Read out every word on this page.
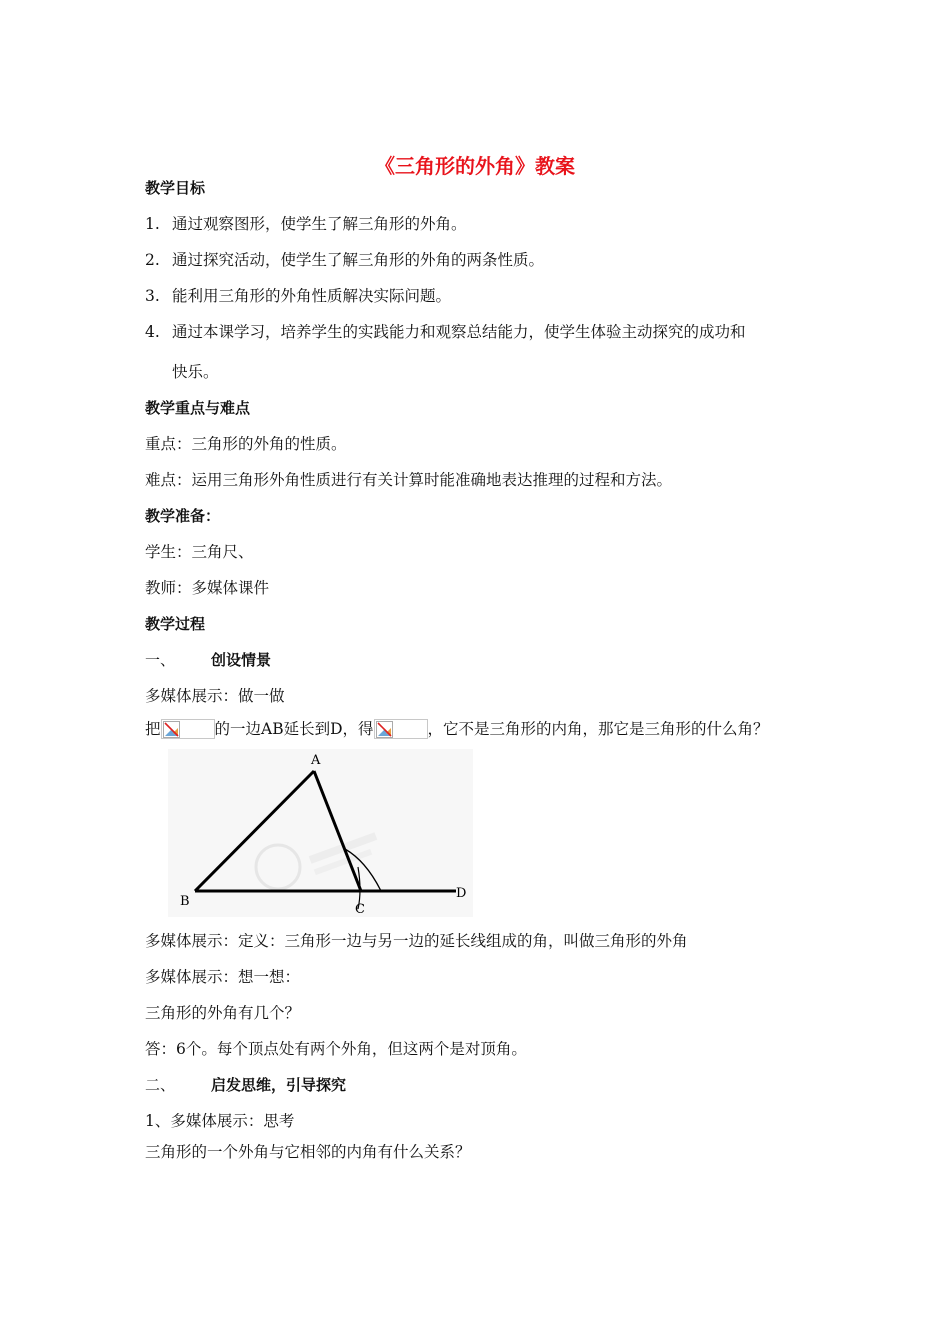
《三角形的外角》教案
教学目标
1. 通过观察图形，使学生了解三角形的外角。
2. 通过探究活动，使学生了解三角形的外角的两条性质。
3. 能利用三角形的外角性质解决实际问题。
4. 通过本课学习，培养学生的实践能力和观察总结能力，使学生体验主动探究的成功和
快乐。
教学重点与难点
重点：三角形的外角的性质。
难点：运用三角形外角性质进行有关计算时能准确地表达推理的过程和方法。
教学准备：
学生：三角尺、
教师：多媒体课件
教学过程
一、 创设情景
多媒体展示：做一做
把	的一边AB延长到D，得	，它不是三角形的内角，那它是三角形的什么角？
A
B
C
D
多媒体展示：定义：三角形一边与另一边的延长线组成的角，叫做三角形的外角
多媒体展示：想一想：
三角形的外角有几个？
答：6个。每个顶点处有两个外角，但这两个是对顶角。
二、 启发思维，引导探究
1、多媒体展示：思考
三角形的一个外角与它相邻的内角有什么关系？
